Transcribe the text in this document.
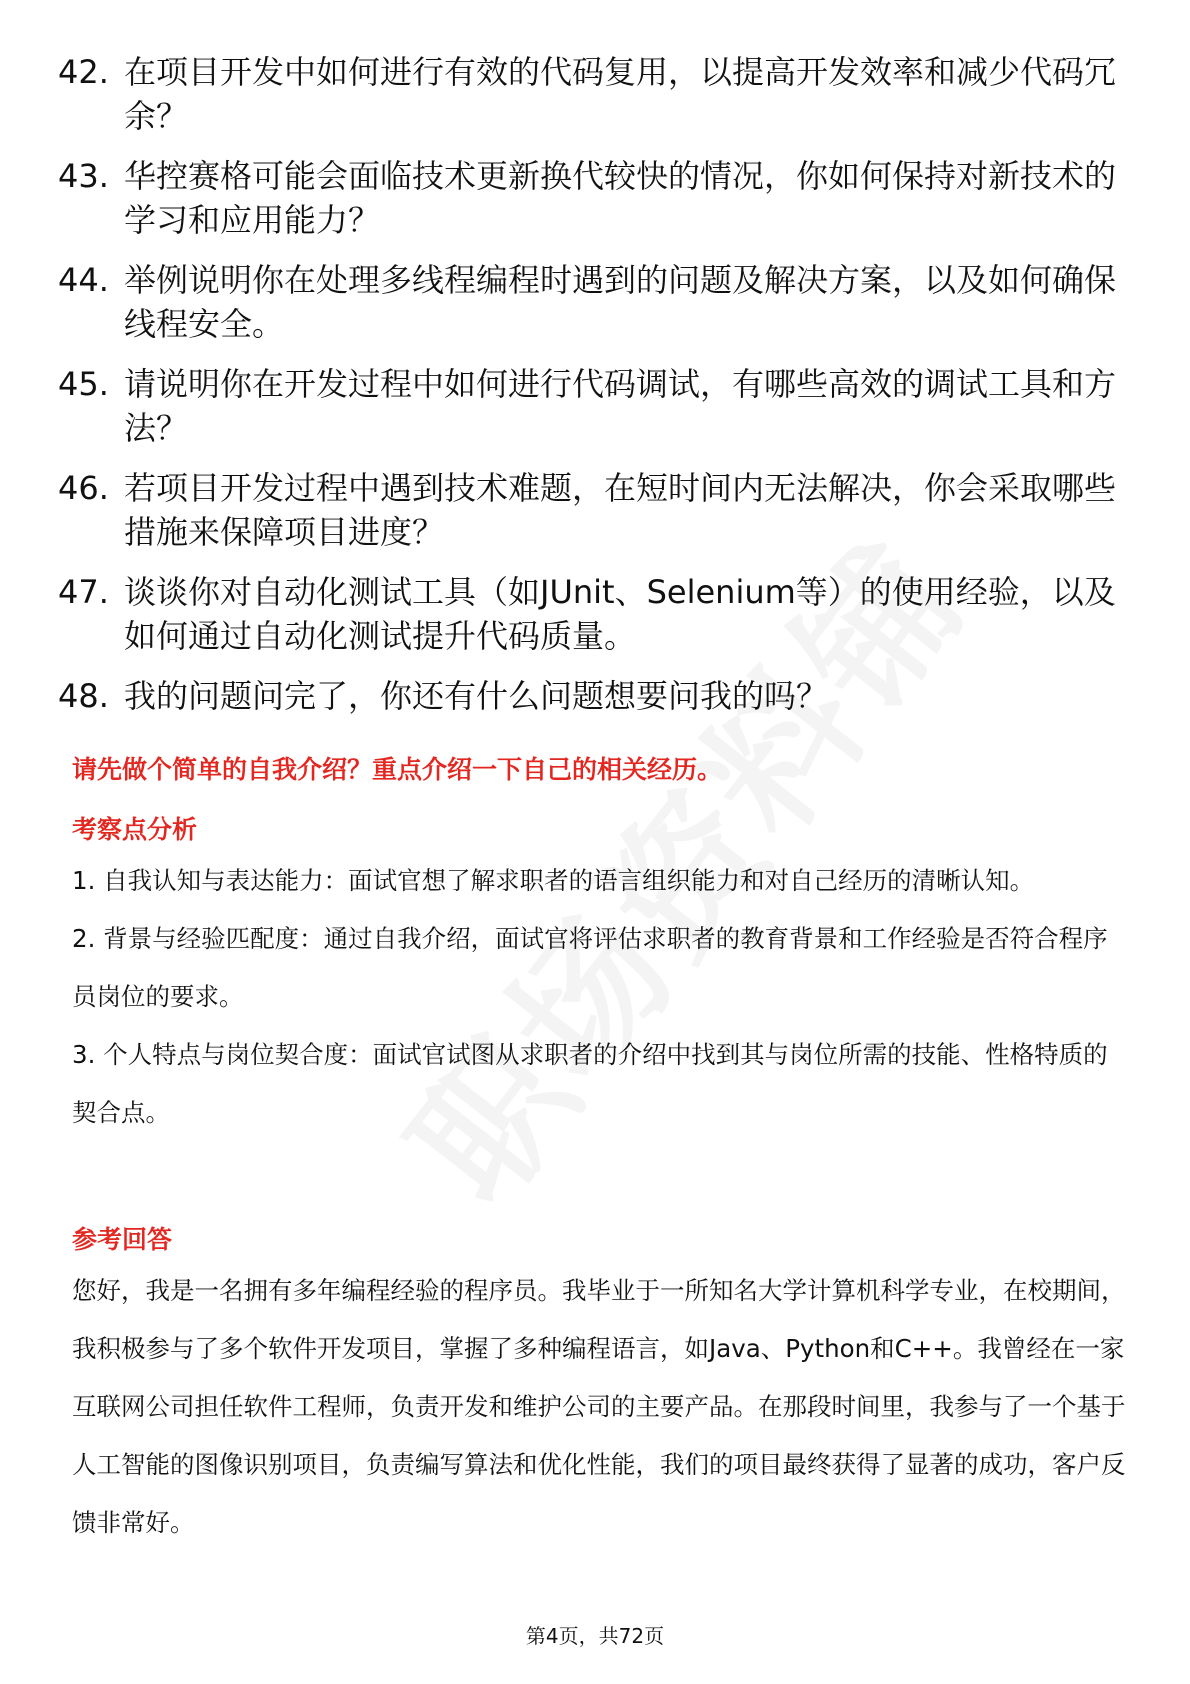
42. 在项目开发中如何进行有效的代码复用，以提高开发效率和减少代码冗余？
43. 华控赛格可能会面临技术更新换代较快的情况，你如何保持对新技术的学习和应用能力？
44. 举例说明你在处理多线程编程时遇到的问题及解决方案，以及如何确保线程安全。
45. 请说明你在开发过程中如何进行代码调试，有哪些高效的调试工具和方法？
46. 若项目开发过程中遇到技术难题，在短时间内无法解决，你会采取哪些措施来保障项目进度？
47. 谈谈你对自动化测试工具（如JUnit、Selenium等）的使用经验，以及如何通过自动化测试提升代码质量。
48. 我的问题问完了，你还有什么问题想要问我的吗？

请先做个简单的自我介绍？重点介绍一下自己的相关经历。

考察点分析

1. 自我认知与表达能力：面试官想了解求职者的语言组织能力和对自己经历的清晰认知。

2. 背景与经验匹配度：通过自我介绍，面试官将评估求职者的教育背景和工作经验是否符合程序员岗位的要求。

3. 个人特点与岗位契合度：面试官试图从求职者的介绍中找到其与岗位所需的技能、性格特质的契合点。

参考回答

您好，我是一名拥有多年编程经验的程序员。我毕业于一所知名大学计算机科学专业，在校期间，我积极参与了多个软件开发项目，掌握了多种编程语言，如Java、Python和C++。我曾经在一家互联网公司担任软件工程师，负责开发和维护公司的主要产品。在那段时间里，我参与了一个基于人工智能的图像识别项目，负责编写算法和优化性能，我们的项目最终获得了显著的成功，客户反馈非常好。

第4页，共72页
